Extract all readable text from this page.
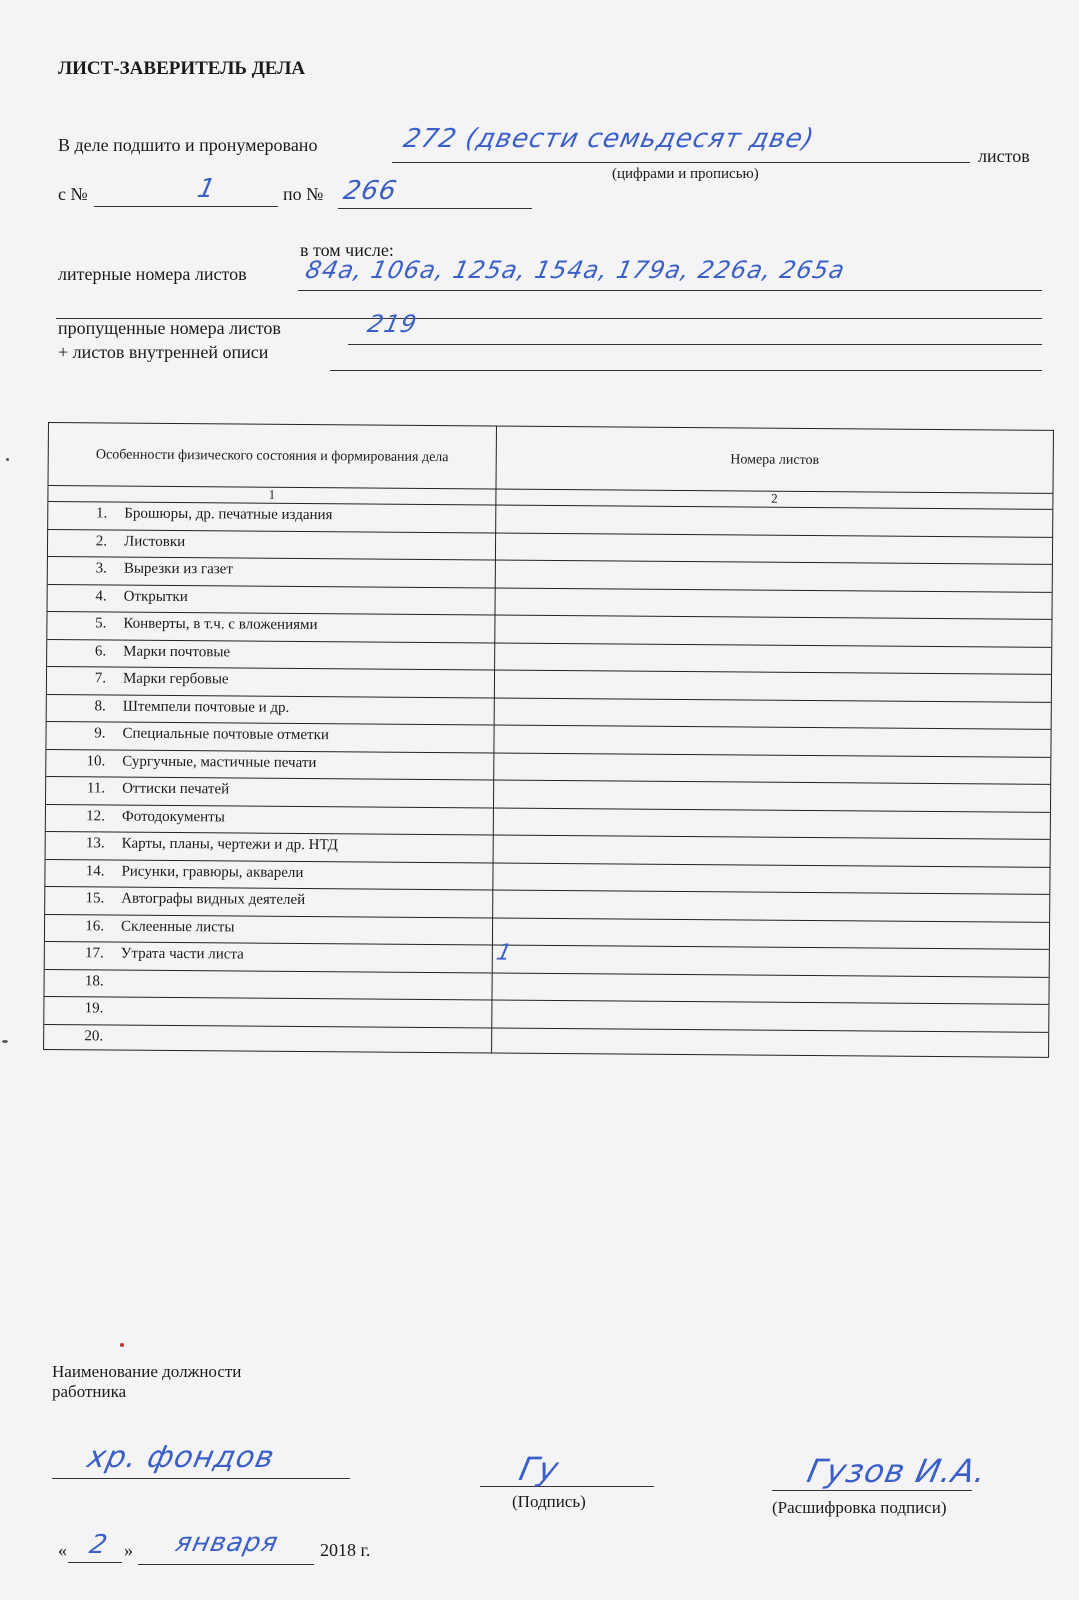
ЛИСТ-ЗАВЕРИТЕЛЬ ДЕЛА
В деле подшито и пронумеровано	272 (двести семьдесят две)
листов
(цифрами и прописью)
с №	1	по № 266
в том числе:
литерные номера листов 84а, 106а, 125а, 154а, 179а, 226а, 265а
пропущенные номера листов	219
+ листов внутренней описи
Особенности физического состояния и формирования дела	Номера листов
1	2
1. Брошюры, др. печатные издания
2. Листовки
3. Вырезки из газет
4. Открытки
5. Конверты, в т.ч. с вложениями
6. Марки почтовые
7. Марки гербовые
8. Штемпели почтовые и др.
9. Специальные почтовые отметки
10. Сургучные, мастичные печати
11. Оттиски печатей
12. Фотодокументы
13. Карты, планы, чертежи и др. НТД
14. Рисунки, гравюры, акварели
15. Автографы видных деятелей
16. Склеенные листы
17. Утрата части листа	1
18.
19.
20.
Наименование должности
работника
хр. фондов	Гу
(Подпись)
Гузов И.А.
(Расшифровка подписи)
« 2 » января 2018 г.
